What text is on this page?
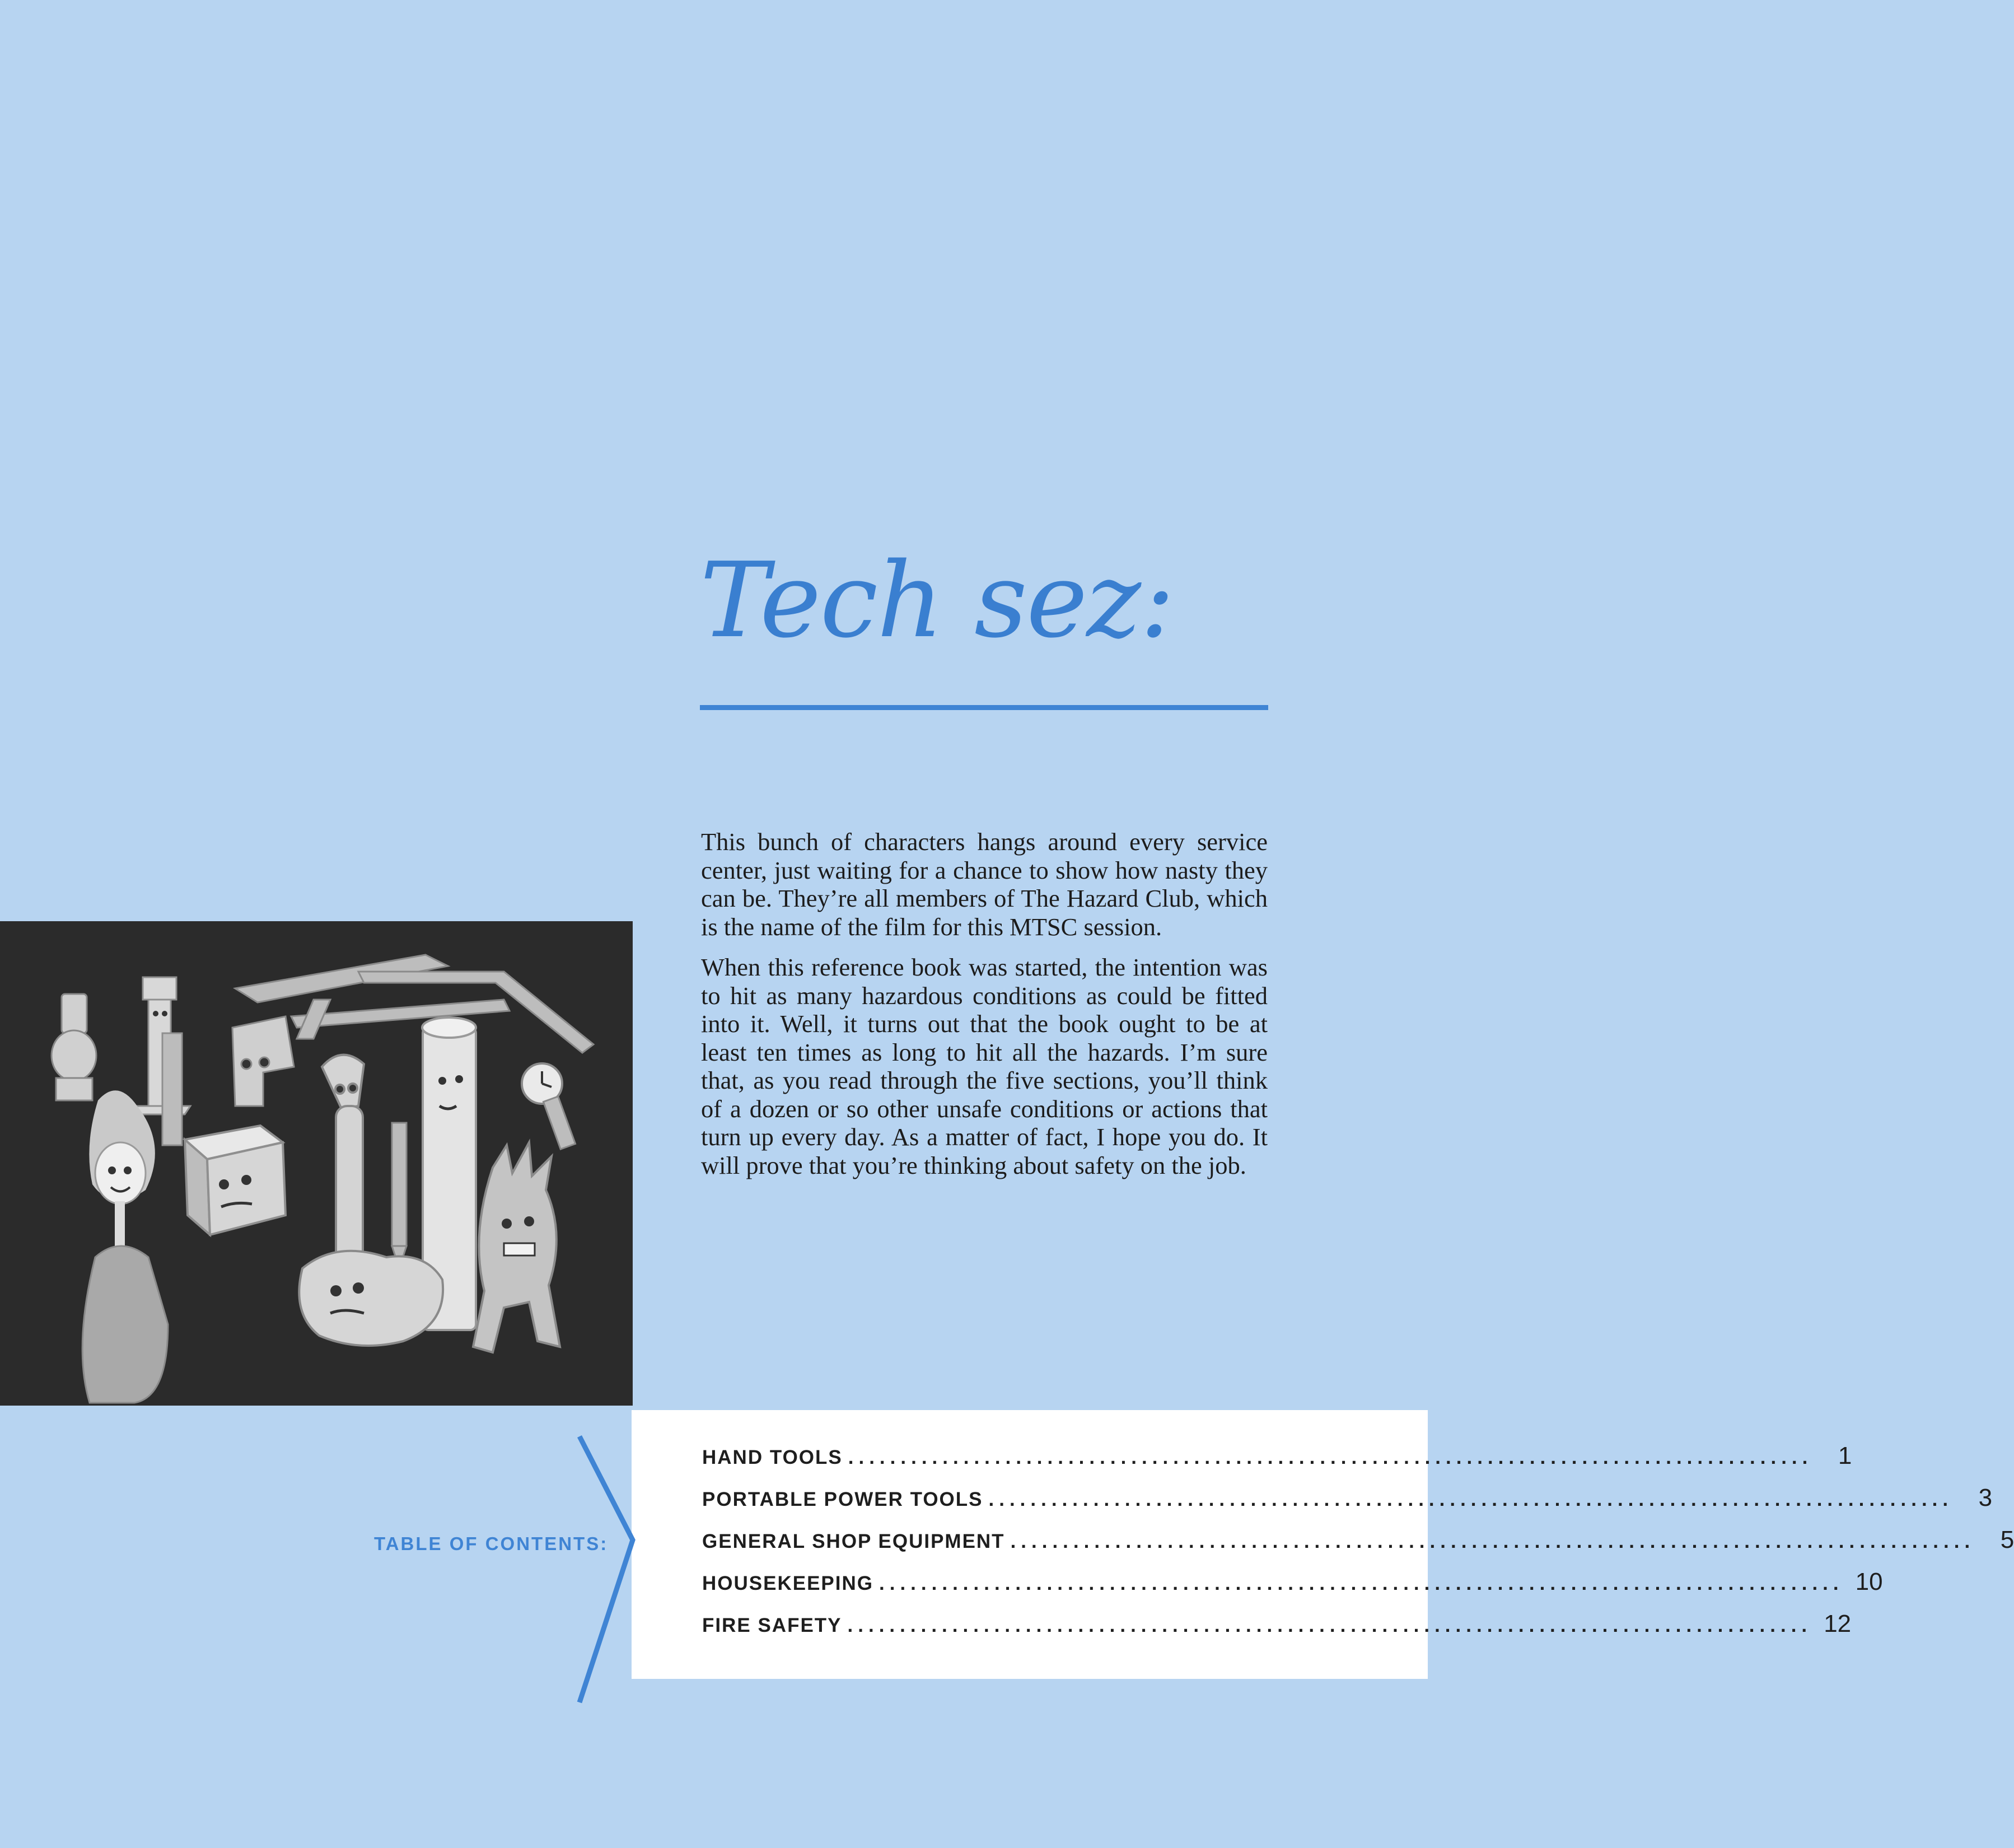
Tech sez:

This bunch of characters hangs around every service center, just waiting for a chance to show how nasty they can be. They’re all members of The Hazard Club, which is the name of the film for this MTSC session.

When this reference book was started, the intention was to hit as many hazardous conditions as could be fitted into it. Well, it turns out that the book ought to be at least ten times as long to hit all the hazards. I’m sure that, as you read through the five sections, you’ll think of a dozen or so other unsafe conditions or actions that turn up every day. As a matter of fact, I hope you do. It will prove that you’re thinking about safety on the job.

TABLE OF CONTENTS:
HAND TOOLS ............................................................................................	1
PORTABLE POWER TOOLS ............................................................................................	3
GENERAL SHOP EQUIPMENT ............................................................................................	5
HOUSEKEEPING ............................................................................................ 10
FIRE SAFETY ............................................................................................ 12
